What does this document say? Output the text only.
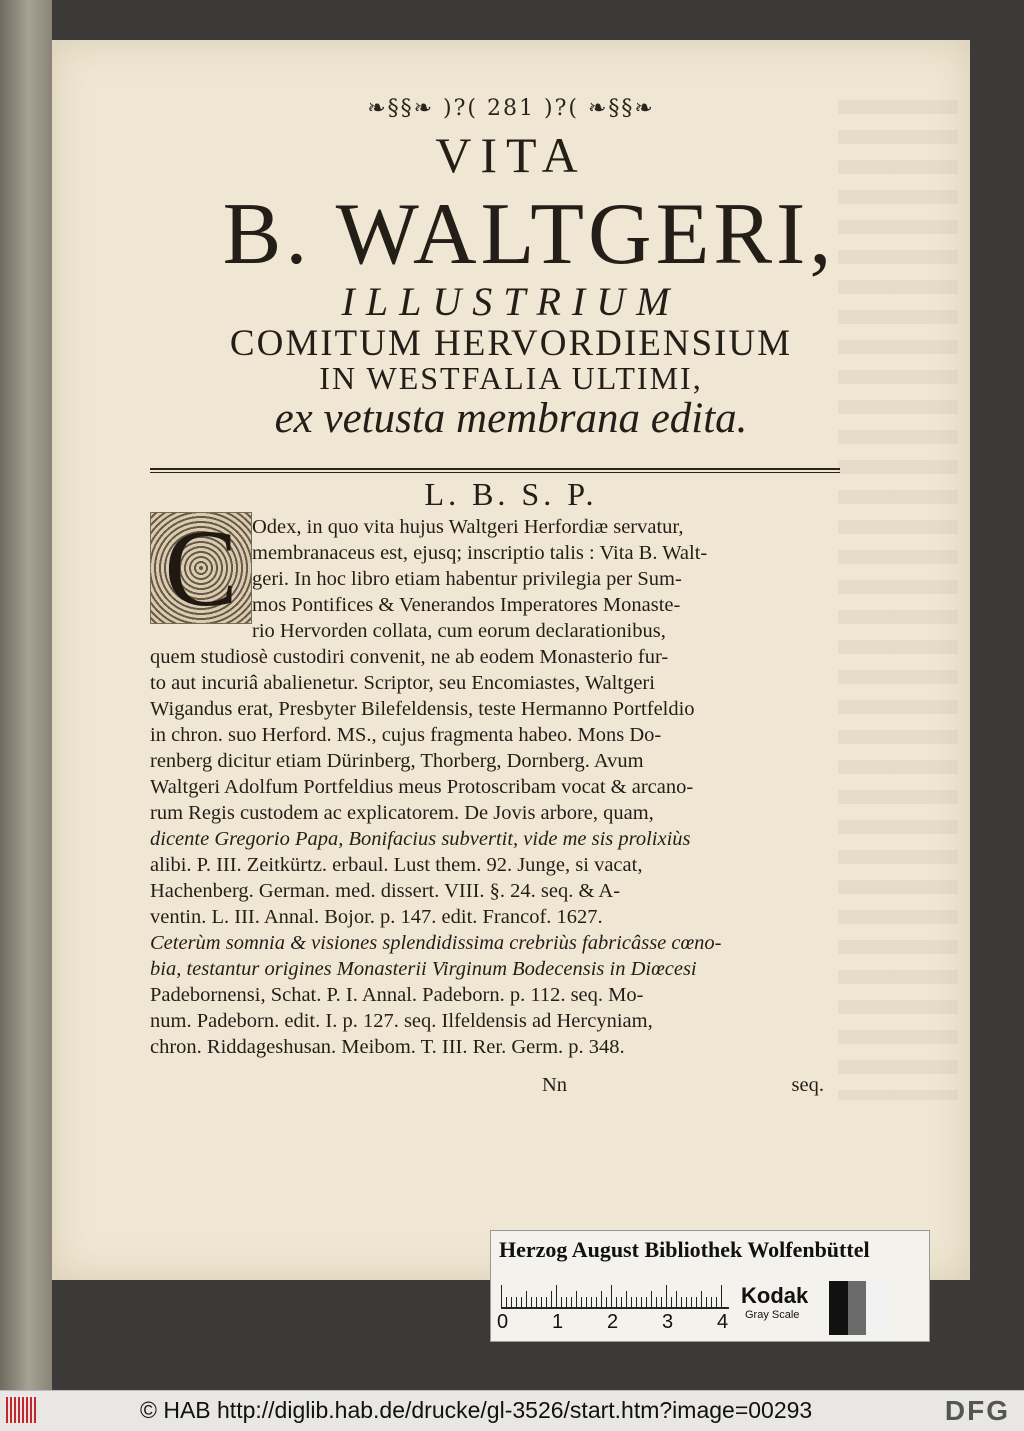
❧§§❧ )?( 281 )?( ❧§§❧
VITA
B. WALTGERI,
ILLUSTRIUM
COMITUM HERVORDIENSIUM
IN WESTFALIA ULTIMI,
ex vetusta membrana edita.
L. B. S. P.
C Odex, in quo vita hujus Waltgeri Herfordiæ servatur,
membranaceus est, ejusq; inscriptio talis : Vita B. Walt-
geri. In hoc libro etiam habentur privilegia per Sum-
mos Pontifices & Venerandos Imperatores Monaste-
rio Hervorden collata, cum eorum declarationibus,
quem studiosè custodiri convenit, ne ab eodem Monasterio fur-
to aut incuriâ abalienetur. Scriptor, seu Encomiastes, Waltgeri
Wigandus erat, Presbyter Bilefeldensis, teste Hermanno Portfeldio
in chron. suo Herford. MS., cujus fragmenta habeo. Mons Do-
renberg dicitur etiam Dürinberg, Thorberg, Dornberg. Avum
Waltgeri Adolfum Portfeldius meus Protoscribam vocat & arcano-
rum Regis custodem ac explicatorem. De Jovis arbore, quam,
dicente Gregorio Papa, Bonifacius subvertit, vide me sis prolixiùs
alibi. P. III. Zeitkürtz. erbaul. Lust them. 92. Junge, si vacat,
Hachenberg. German. med. dissert. VIII. §. 24. seq. & A-
ventin. L. III. Annal. Bojor. p. 147. edit. Francof. 1627.
Ceterùm somnia & visiones splendidissima crebriùs fabricâsse cœno-
bia, testantur origines Monasterii Virginum Bodecensis in Diœcesi
Padebornensi, Schat. P. I. Annal. Padeborn. p. 112. seq. Mo-
num. Padeborn. edit. I. p. 127. seq. Ilfeldensis ad Hercyniam,
chron. Riddageshusan. Meibom. T. III. Rer. Germ. p. 348.
Nn	seq.
Herzog August Bibliothek Wolfenbüttel
0 1 2 3 4
Kodak
Gray Scale
© HAB http://diglib.hab.de/drucke/gl-3526/start.htm?image=00293	DFG
